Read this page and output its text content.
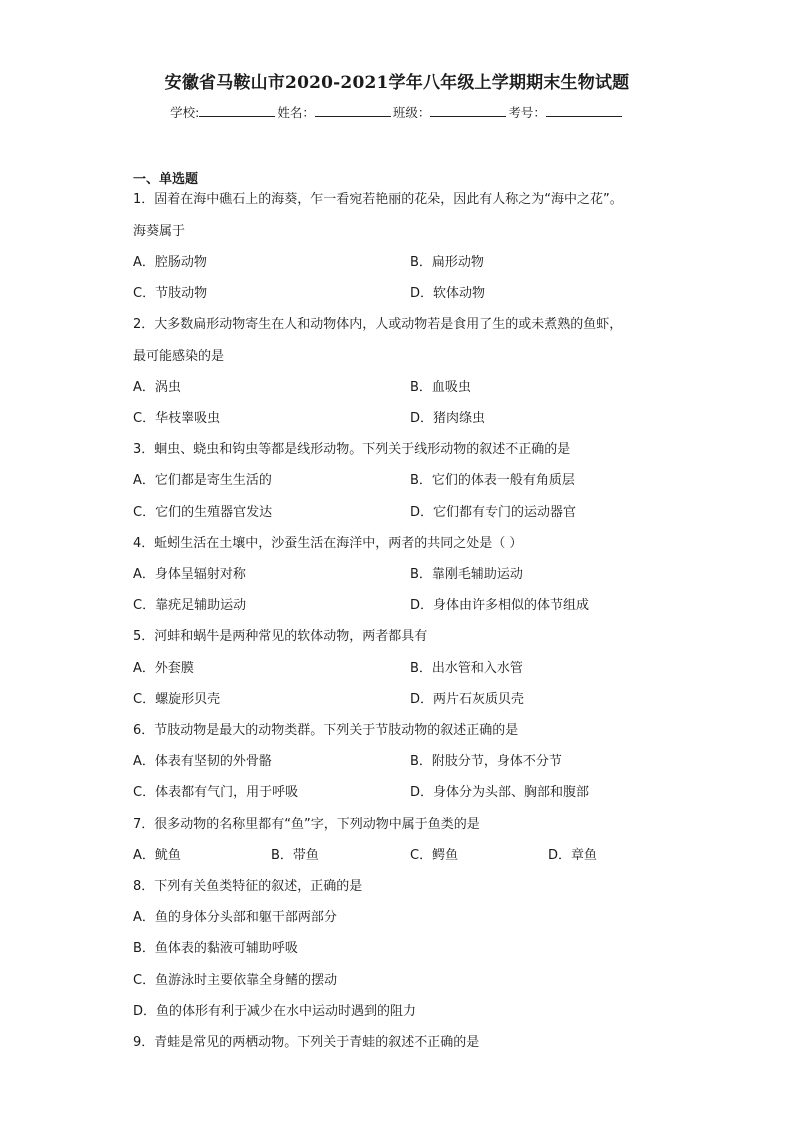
安徽省马鞍山市2020-2021学年八年级上学期期末生物试题
学校:	姓名：	班级：	考号：
一、单选题
1．固着在海中礁石上的海葵，乍一看宛若艳丽的花朵，因此有人称之为“海中之花”。
海葵属于
A．腔肠动物	B．扁形动物
C．节肢动物	D．软体动物
2．大多数扁形动物寄生在人和动物体内，人或动物若是食用了生的或未煮熟的鱼虾，
最可能感染的是
A．涡虫	B．血吸虫
C．华枝睾吸虫	D．猪肉绦虫
3．蛔虫、蛲虫和钩虫等都是线形动物。下列关于线形动物的叙述不正确的是
A．它们都是寄生生活的	B．它们的体表一般有角质层
C．它们的生殖器官发达	D．它们都有专门的运动器官
4．蚯蚓生活在土壤中，沙蚕生活在海洋中，两者的共同之处是（ ）
A．身体呈辐射对称	B．靠刚毛辅助运动
C．靠疣足辅助运动	D．身体由许多相似的体节组成
5．河蚌和蜗牛是两种常见的软体动物，两者都具有
A．外套膜	B．出水管和入水管
C．螺旋形贝壳	D．两片石灰质贝壳
6．节肢动物是最大的动物类群。下列关于节肢动物的叙述正确的是
A．体表有坚韧的外骨骼	B．附肢分节，身体不分节
C．体表都有气门，用于呼吸	D．身体分为头部、胸部和腹部
7．很多动物的名称里都有“鱼”字，下列动物中属于鱼类的是
A．鱿鱼	B．带鱼	C．鳄鱼	D．章鱼
8．下列有关鱼类特征的叙述，正确的是
A．鱼的身体分头部和躯干部两部分
B．鱼体表的黏液可辅助呼吸
C．鱼游泳时主要依靠全身鳍的摆动
D．鱼的体形有利于减少在水中运动时遇到的阻力
9．青蛙是常见的两栖动物。下列关于青蛙的叙述不正确的是
